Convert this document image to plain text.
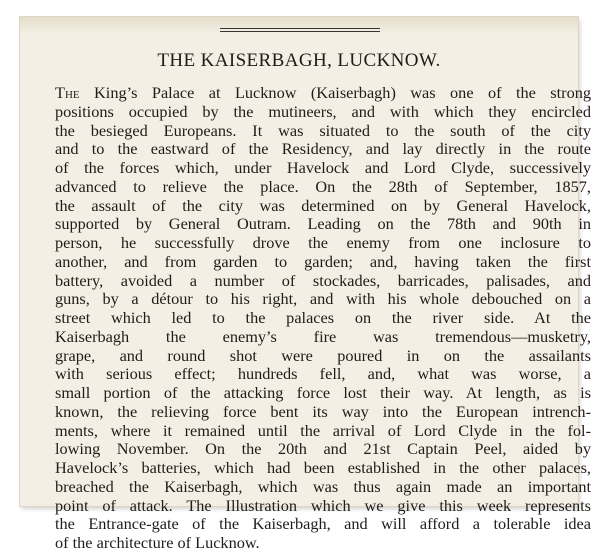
THE KAISERBAGH, LUCKNOW.
The King’s Palace at Lucknow (Kaiserbagh) was one of the strong
positions occupied by the mutineers, and with which they encircled
the besieged Europeans. It was situated to the south of the city
and to the eastward of the Residency, and lay directly in the route
of the forces which, under Havelock and Lord Clyde, successively
advanced to relieve the place. On the 28th of September, 1857,
the assault of the city was determined on by General Havelock,
supported by General Outram. Leading on the 78th and 90th in
person, he successfully drove the enemy from one inclosure to
another, and from garden to garden; and, having taken the first
battery, avoided a number of stockades, barricades, palisades, and
guns, by a détour to his right, and with his whole debouched on a
street which led to the palaces on the river side. At the
Kaiserbagh the enemy’s fire was tremendous—musketry,
grape, and round shot were poured in on the assailants
with serious effect; hundreds fell, and, what was worse, a
small portion of the attacking force lost their way. At length, as is
known, the relieving force bent its way into the European intrench-
ments, where it remained until the arrival of Lord Clyde in the fol-
lowing November. On the 20th and 21st Captain Peel, aided by
Havelock’s batteries, which had been established in the other palaces,
breached the Kaiserbagh, which was thus again made an important
point of attack. The Illustration which we give this week represents
the Entrance-gate of the Kaiserbagh, and will afford a tolerable idea
of the architecture of Lucknow.
